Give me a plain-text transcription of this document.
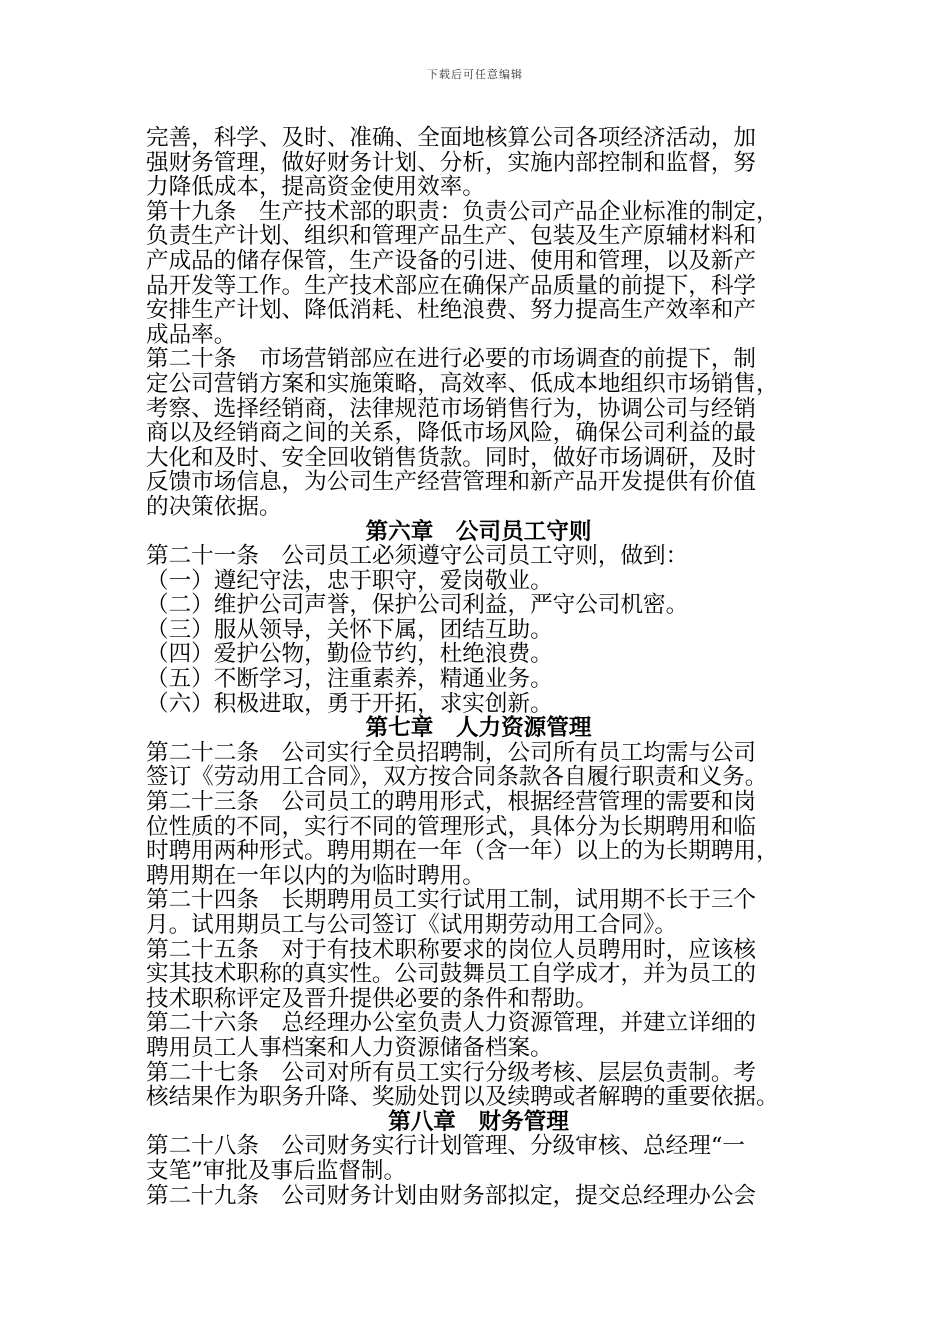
下载后可任意编辑
完善，科学、及时、准确、全面地核算公司各项经济活动，加
强财务管理，做好财务计划、分析，实施内部控制和监督，努
力降低成本，提高资金使用效率。
第十九条　生产技术部的职责：负责公司产品企业标准的制定，
负责生产计划、组织和管理产品生产、包装及生产原辅材料和
产成品的储存保管，生产设备的引进、使用和管理，以及新产
品开发等工作。生产技术部应在确保产品质量的前提下，科学
安排生产计划、降低消耗、杜绝浪费、努力提高生产效率和产
成品率。
第二十条　市场营销部应在进行必要的市场调查的前提下，制
定公司营销方案和实施策略，高效率、低成本地组织市场销售，
考察、选择经销商，法律规范市场销售行为，协调公司与经销
商以及经销商之间的关系，降低市场风险，确保公司利益的最
大化和及时、安全回收销售货款。同时，做好市场调研，及时
反馈市场信息，为公司生产经营管理和新产品开发提供有价值
的决策依据。
第六章　公司员工守则
第二十一条　公司员工必须遵守公司员工守则，做到：
（一）遵纪守法，忠于职守，爱岗敬业。
（二）维护公司声誉，保护公司利益，严守公司机密。
（三）服从领导，关怀下属，团结互助。
（四）爱护公物，勤俭节约，杜绝浪费。
（五）不断学习，注重素养，精通业务。
（六）积极进取，勇于开拓，求实创新。
第七章　人力资源管理
第二十二条　公司实行全员招聘制，公司所有员工均需与公司
签订《劳动用工合同》，双方按合同条款各自履行职责和义务。
第二十三条　公司员工的聘用形式，根据经营管理的需要和岗
位性质的不同，实行不同的管理形式，具体分为长期聘用和临
时聘用两种形式。聘用期在一年（含一年）以上的为长期聘用，
聘用期在一年以内的为临时聘用。
第二十四条　长期聘用员工实行试用工制，试用期不长于三个
月。试用期员工与公司签订《试用期劳动用工合同》。
第二十五条　对于有技术职称要求的岗位人员聘用时，应该核
实其技术职称的真实性。公司鼓舞员工自学成才，并为员工的
技术职称评定及晋升提供必要的条件和帮助。
第二十六条　总经理办公室负责人力资源管理，并建立详细的
聘用员工人事档案和人力资源储备档案。
第二十七条　公司对所有员工实行分级考核、层层负责制。考
核结果作为职务升降、奖励处罚以及续聘或者解聘的重要依据。
第八章　财务管理
第二十八条　公司财务实行计划管理、分级审核、总经理“一
支笔”审批及事后监督制。
第二十九条　公司财务计划由财务部拟定，提交总经理办公会
